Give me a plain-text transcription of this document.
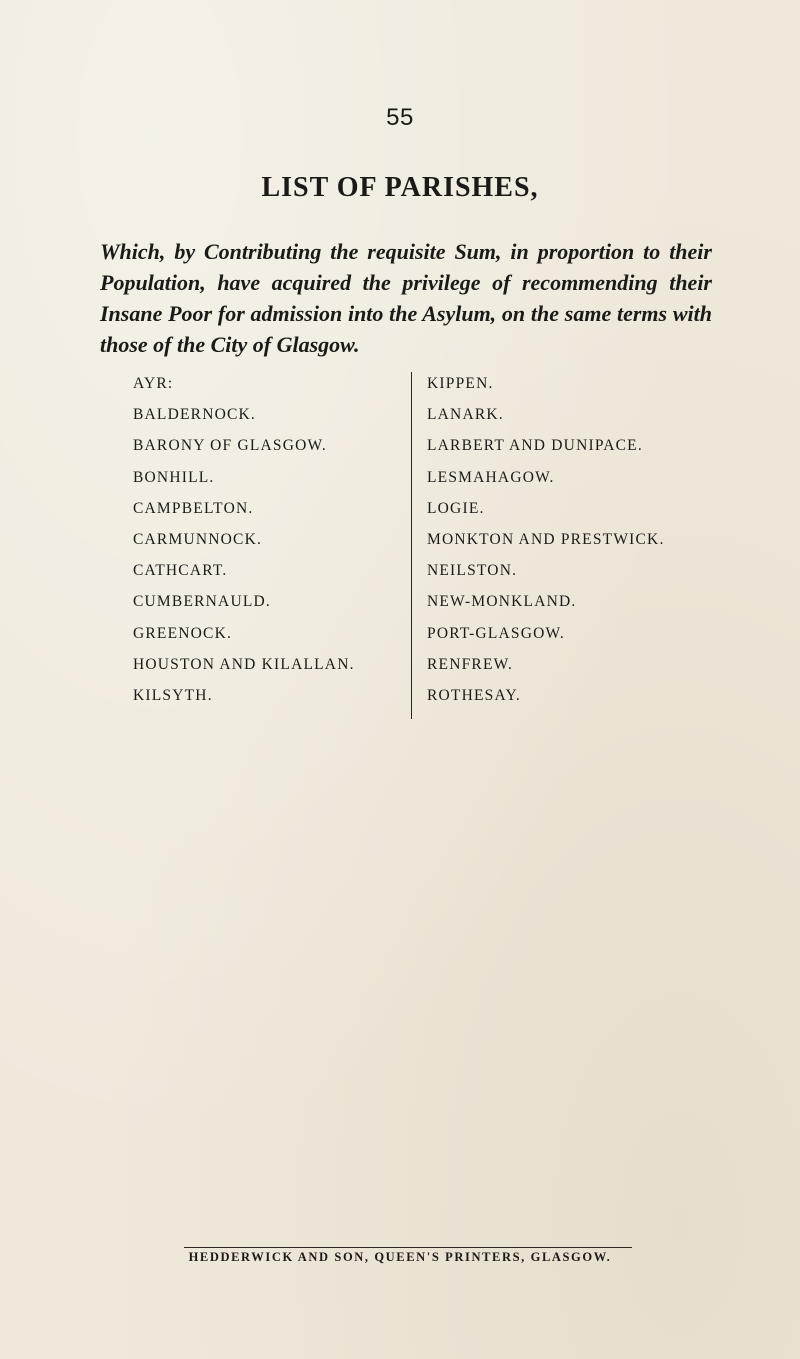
55
LIST OF PARISHES,
Which, by Contributing the requisite Sum, in proportion to their Population, have acquired the privilege of recommending their Insane Poor for admission into the Asylum, on the same terms with those of the City of Glasgow.
AYR:
BALDERNOCK.
BARONY OF GLASGOW.
BONHILL.
CAMPBELTON.
CARMUNNOCK.
CATHCART.
CUMBERNAULD.
GREENOCK.
HOUSTON AND KILALLAN.
KILSYTH.
KIPPEN.
LANARK.
LARBERT AND DUNIPACE.
LESMAHAGOW.
LOGIE.
MONKTON AND PRESTWICK.
NEILSTON.
NEW-MONKLAND.
PORT-GLASGOW.
RENFREW.
ROTHESAY.
HEDDERWICK AND SON, QUEEN'S PRINTERS, GLASGOW.
